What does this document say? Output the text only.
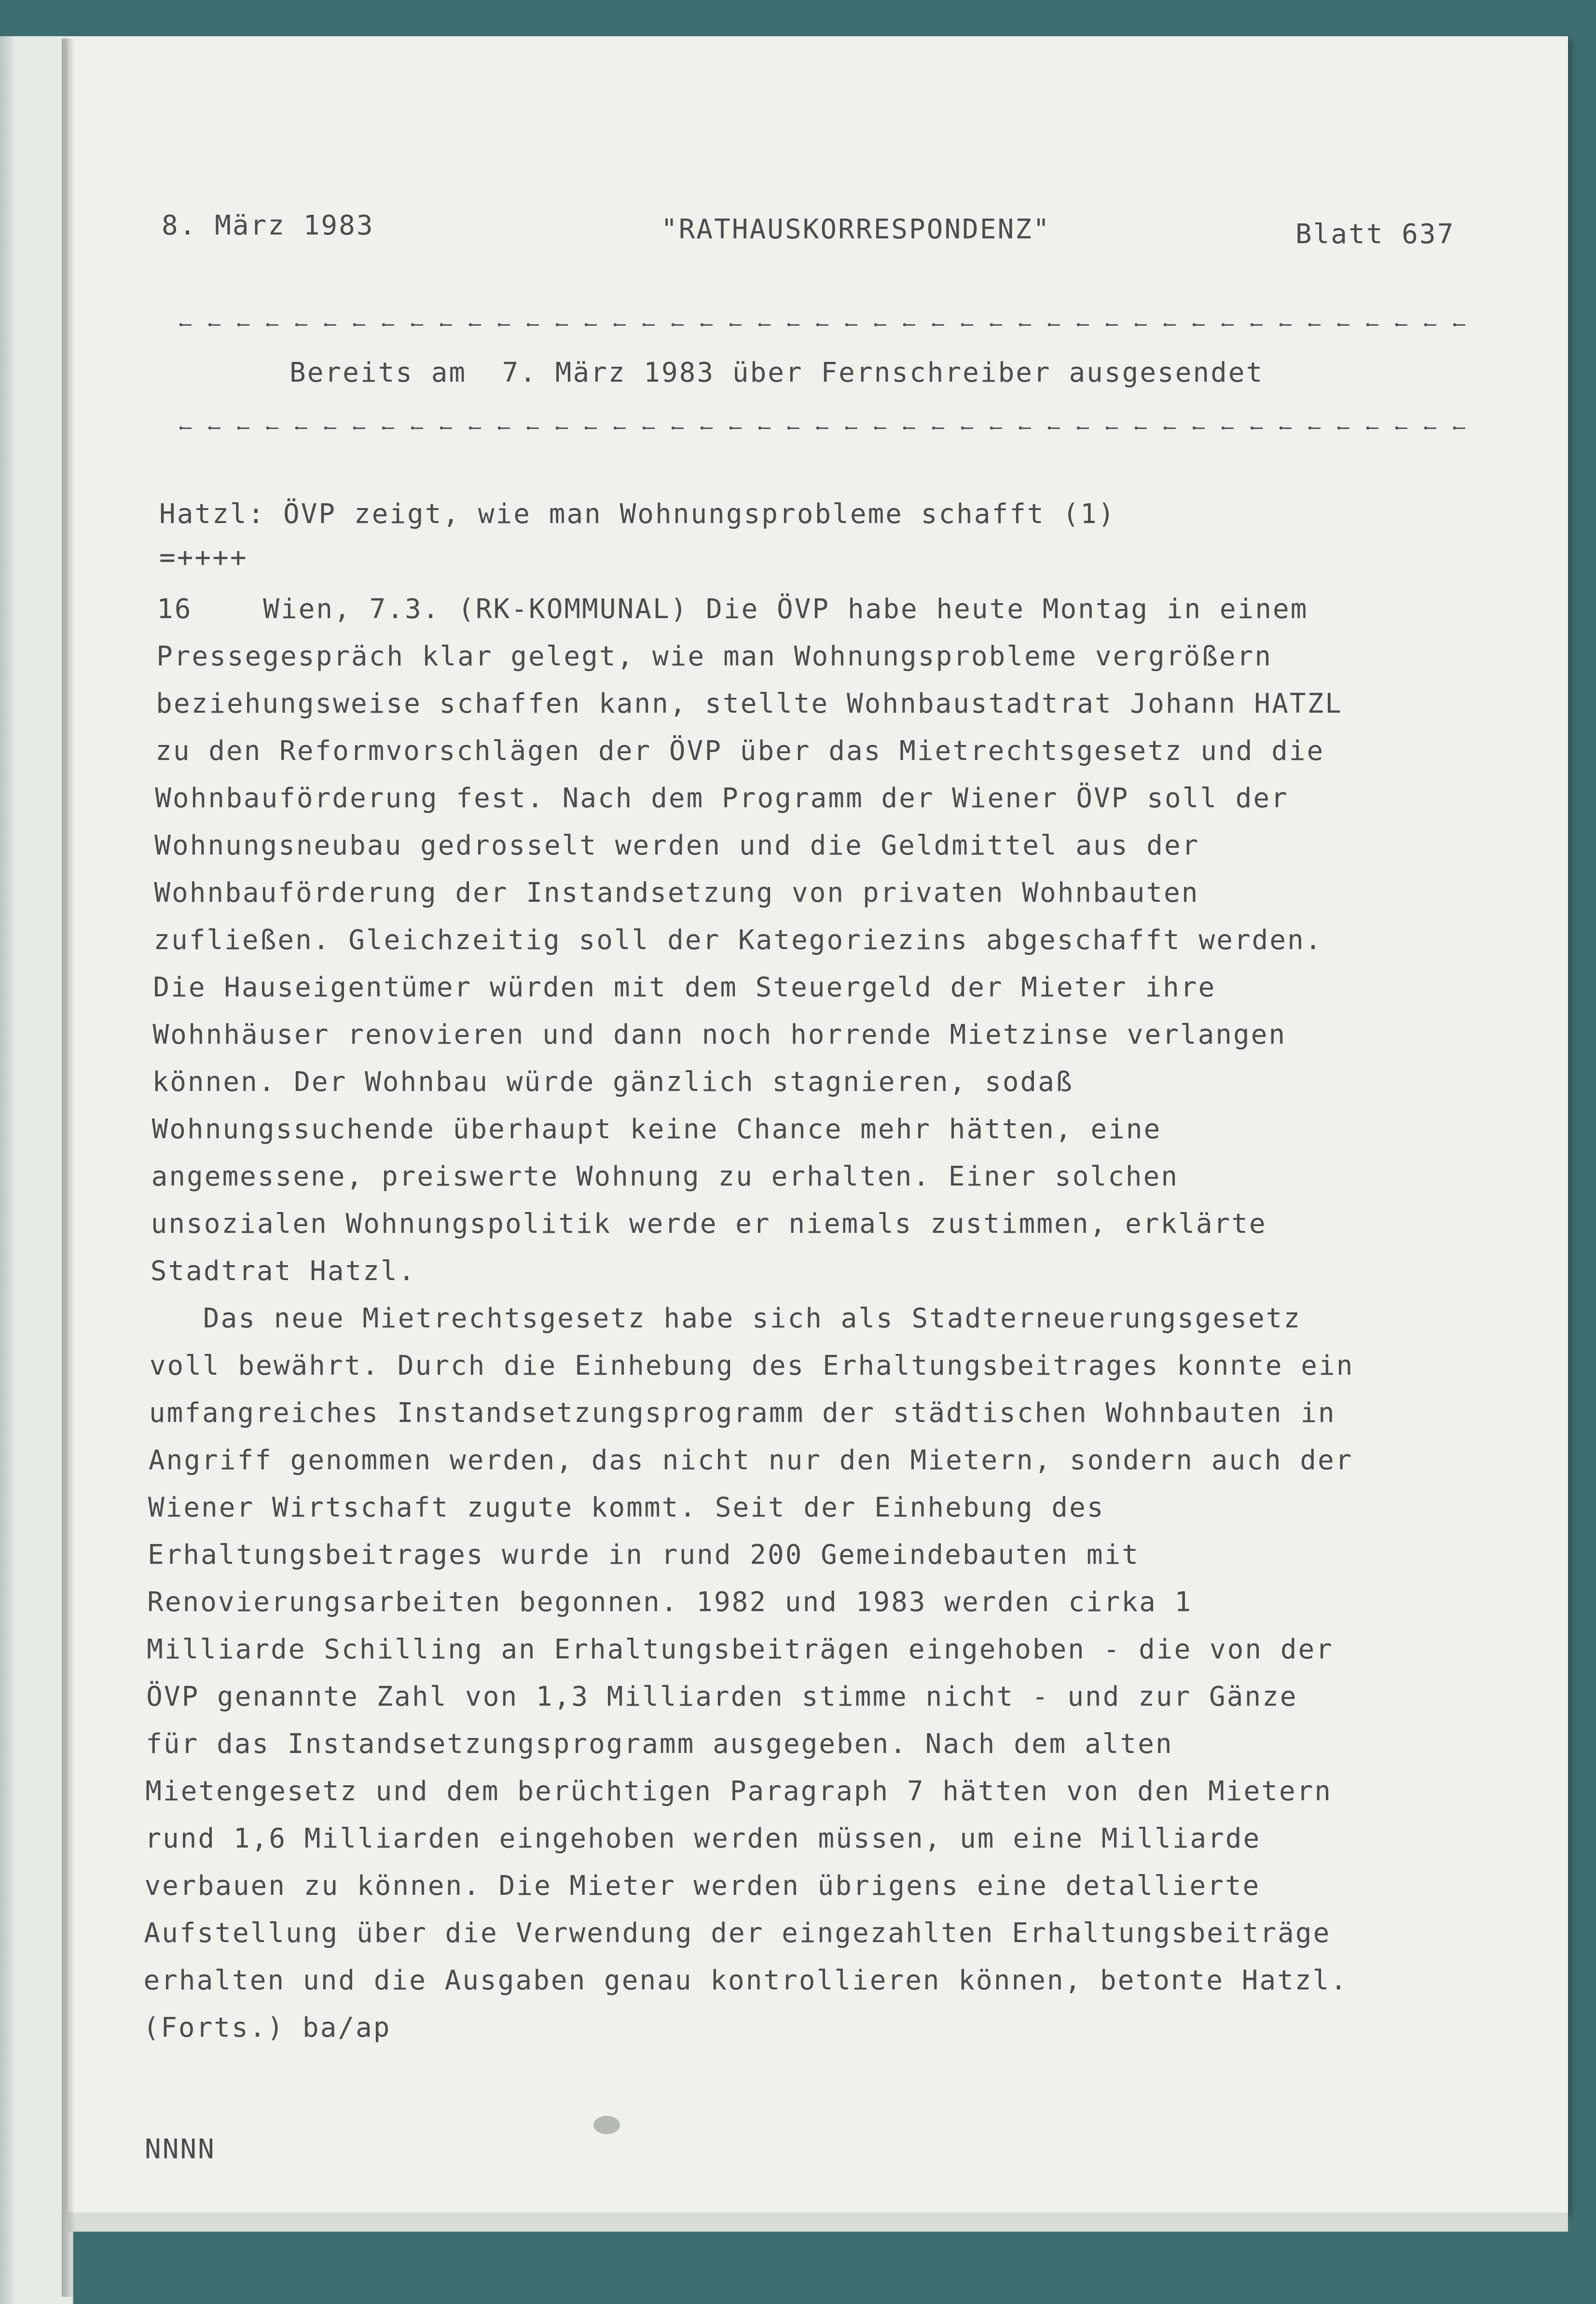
8. März 1983	"RATHAUSKORRESPONDENZ"	Blatt 637
Bereits am  7. März 1983 über Fernschreiber ausgesendet
Hatzl: ÖVP zeigt, wie man Wohnungsprobleme schafft (1)
=++++
16    Wien, 7.3. (RK-KOMMUNAL) Die ÖVP habe heute Montag in einem
Pressegespräch klar gelegt, wie man Wohnungsprobleme vergrößern
beziehungsweise schaffen kann, stellte Wohnbaustadtrat Johann HATZL
zu den Reformvorschlägen der ÖVP über das Mietrechtsgesetz und die
Wohnbauförderung fest. Nach dem Programm der Wiener ÖVP soll der
Wohnungsneubau gedrosselt werden und die Geldmittel aus der
Wohnbauförderung der Instandsetzung von privaten Wohnbauten
zufließen. Gleichzeitig soll der Kategoriezins abgeschafft werden.
Die Hauseigentümer würden mit dem Steuergeld der Mieter ihre
Wohnhäuser renovieren und dann noch horrende Mietzinse verlangen
können. Der Wohnbau würde gänzlich stagnieren, sodaß
Wohnungssuchende überhaupt keine Chance mehr hätten, eine
angemessene, preiswerte Wohnung zu erhalten. Einer solchen
unsozialen Wohnungspolitik werde er niemals zustimmen, erklärte
Stadtrat Hatzl.
Das neue Mietrechtsgesetz habe sich als Stadterneuerungsgesetz
voll bewährt. Durch die Einhebung des Erhaltungsbeitrages konnte ein
umfangreiches Instandsetzungsprogramm der städtischen Wohnbauten in
Angriff genommen werden, das nicht nur den Mietern, sondern auch der
Wiener Wirtschaft zugute kommt. Seit der Einhebung des
Erhaltungsbeitrages wurde in rund 200 Gemeindebauten mit
Renovierungsarbeiten begonnen. 1982 und 1983 werden cirka 1
Milliarde Schilling an Erhaltungsbeiträgen eingehoben - die von der
ÖVP genannte Zahl von 1,3 Milliarden stimme nicht - und zur Gänze
für das Instandsetzungsprogramm ausgegeben. Nach dem alten
Mietengesetz und dem berüchtigen Paragraph 7 hätten von den Mietern
rund 1,6 Milliarden eingehoben werden müssen, um eine Milliarde
verbauen zu können. Die Mieter werden übrigens eine detallierte
Aufstellung über die Verwendung der eingezahlten Erhaltungsbeiträge
erhalten und die Ausgaben genau kontrollieren können, betonte Hatzl.
(Forts.) ba/ap
NNNN
